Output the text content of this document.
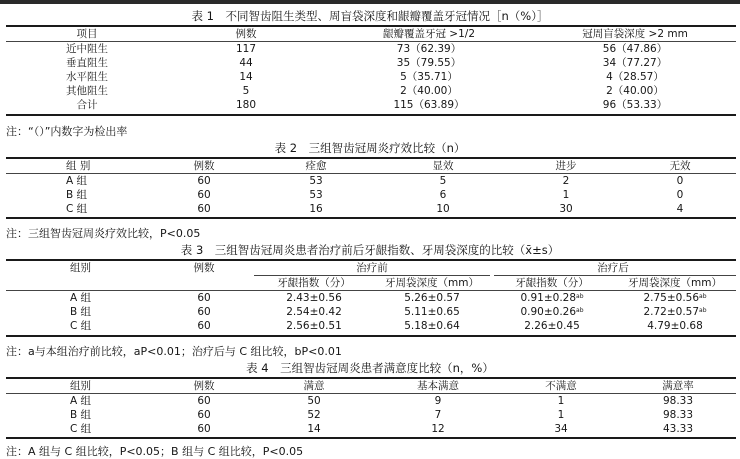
表 1　不同智齿阻生类型、周盲袋深度和龈瓣覆盖牙冠情况［n（%）］
项目	例数	龈瓣覆盖牙冠 >1/2	冠周盲袋深度 >2 mm
近中阻生	117	73（62.39）	56（47.86）
垂直阻生	44	35（79.55）	34（77.27）
水平阻生	14	5（35.71）	4（28.57）
其他阻生	5	2（40.00）	2（40.00）
合计	180	115（63.89）	96（53.33）
注：“（）”内数字为检出率
表 2　三组智齿冠周炎疗效比较（n）
组 别	例数	痊愈	显效	进步	无效
A 组	60	53	5	2	0
B 组	60	53	6	1	0
C 组	60	16	10	30	4
注：三组智齿冠周炎疗效比较，P<0.05
表 3　三组智齿冠周炎患者治疗前后牙龈指数、牙周袋深度的比较（x̄±s）
组别	例数	治疗前	治疗后
		牙龈指数（分）	牙周袋深度（mm）	牙龈指数（分）	牙周袋深度（mm）
A 组	60	2.43±0.56	5.26±0.57	0.91±0.28$^{ab}$	2.75±0.56$^{ab}$
B 组	60	2.54±0.42	5.11±0.65	0.90±0.26$^{ab}$	2.72±0.57$^{ab}$
C 组	60	2.56±0.51	5.18±0.64	2.26±0.45	4.79±0.68
注：a与本组治疗前比较，aP<0.01；治疗后与 C 组比较，bP<0.01
表 4　三组智齿冠周炎患者满意度比较（n，%）
组别	例数	满意	基本满意	不满意	满意率
A 组	60	50	9	1	98.33
B 组	60	52	7	1	98.33
C 组	60	14	12	34	43.33
注：A 组与 C 组比较，P<0.05；B 组与 C 组比较，P<0.05
